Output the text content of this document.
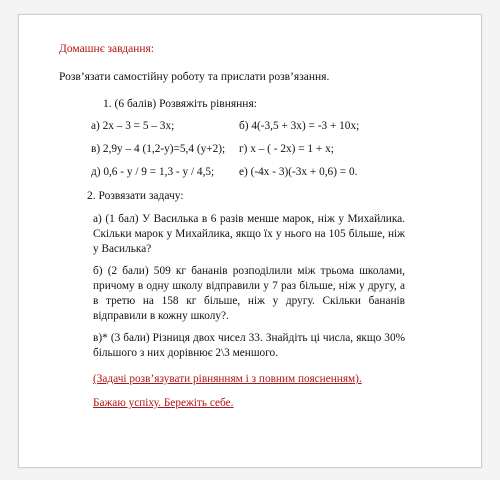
Домашнє завдання:
Розв’язати самостійну роботу та прислати розв’язання.
1. (6 балів) Розвяжіть рівняння:
а) 2x – 3 = 5 – 3x;	б) 4(-3,5 + 3x) = -3 + 10x;
в) 2,9y – 4 (1,2-y)=5,4 (y+2);	г) x – ( - 2x) = 1 + x;
д) 0,6 - y / 9 = 1,3 - y / 4,5;	е) (-4x - 3)(-3x + 0,6) = 0.
2. Розвязати задачу:
а) (1 бал) У Василька в 6 разів менше марок, ніж у Михайлика. Скільки марок у Михайлика, якщо їх у нього на 105 більше, ніж у Василька?
б) (2 бали) 509 кг бананів розподілили між трьома школами, причому в одну школу відправили у 7 раз більше, ніж у другу, а в третю на 158 кг більше, ніж у другу. Скільки бананів відправили в кожну школу?.
в)* (3 бали) Різниця двох чисел 33. Знайдіть ці числа, якщо 30% більшого з них дорівнює 2\3 меншого.
(Задачі розв’язувати рівнянням і з повним поясненням).
Бажаю успіху. Бережіть себе.
